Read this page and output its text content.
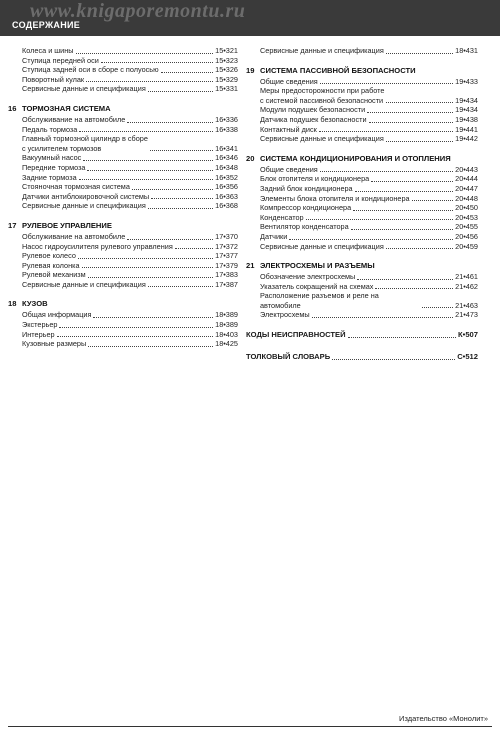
www.knigaporemontu.ru
СОДЕРЖАНИЕ
Колеса и шины	15•321
Ступица передней оси	15•323
Ступица задней оси в сборе с полуосью	15•326
Поворотный кулак	15•329
Сервисные данные и спецификация	15•331
16 ТОРМОЗНАЯ СИСТЕМА
Обслуживание на автомобиле	16•336
Педаль тормоза	16•338
Главный тормозной цилиндр в сборе
с усилителем тормозов	16•341
Вакуумный насос	16•346
Передние тормоза	16•348
Задние тормоза	16•352
Стояночная тормозная система	16•356
Датчики антиблокировочной системы	16•363
Сервисные данные и спецификация	16•368
17 РУЛЕВОЕ УПРАВЛЕНИЕ
Обслуживание на автомобиле	17•370
Насос гидроусилителя рулевого управления	17•372
Рулевое колесо	17•377
Рулевая колонка	17•379
Рулевой механизм	17•383
Сервисные данные и спецификация	17•387
18 КУЗОВ
Общая информация	18•389
Экстерьер	18•389
Интерьер	18•403
Кузовные размеры	18•425
Сервисные данные и спецификация	18•431
19 СИСТЕМА ПАССИВНОЙ БЕЗОПАСНОСТИ
Общие сведения	19•433
Меры предосторожности при работе
с системой пассивной безопасности	19•434
Модули подушек безопасности	19•434
Датчика подушек безопасности	19•438
Контактный диск	19•441
Сервисные данные и спецификация	19•442
20 СИСТЕМА КОНДИЦИОНИРОВАНИЯ И ОТОПЛЕНИЯ
Общие сведения	20•443
Блок отопителя и кондиционера	20•444
Задний блок кондиционера	20•447
Элементы блока отопителя и кондиционера	20•448
Компрессор кондиционера	20•450
Конденсатор	20•453
Вентилятор конденсатора	20•455
Датчики	20•456
Сервисные данные и спецификация	20•459
21 ЭЛЕКТРОСХЕМЫ И РАЗЪЕМЫ
Обозначение электросхемы	21•461
Указатель сокращений на схемах	21•462
Расположение разъемов и реле на автомобиле	21•463
Электросхемы	21•473
КОДЫ НЕИСПРАВНОСТЕЙ	К•507
ТОЛКОВЫЙ СЛОВАРЬ	С•512
Издательство «Монолит»
